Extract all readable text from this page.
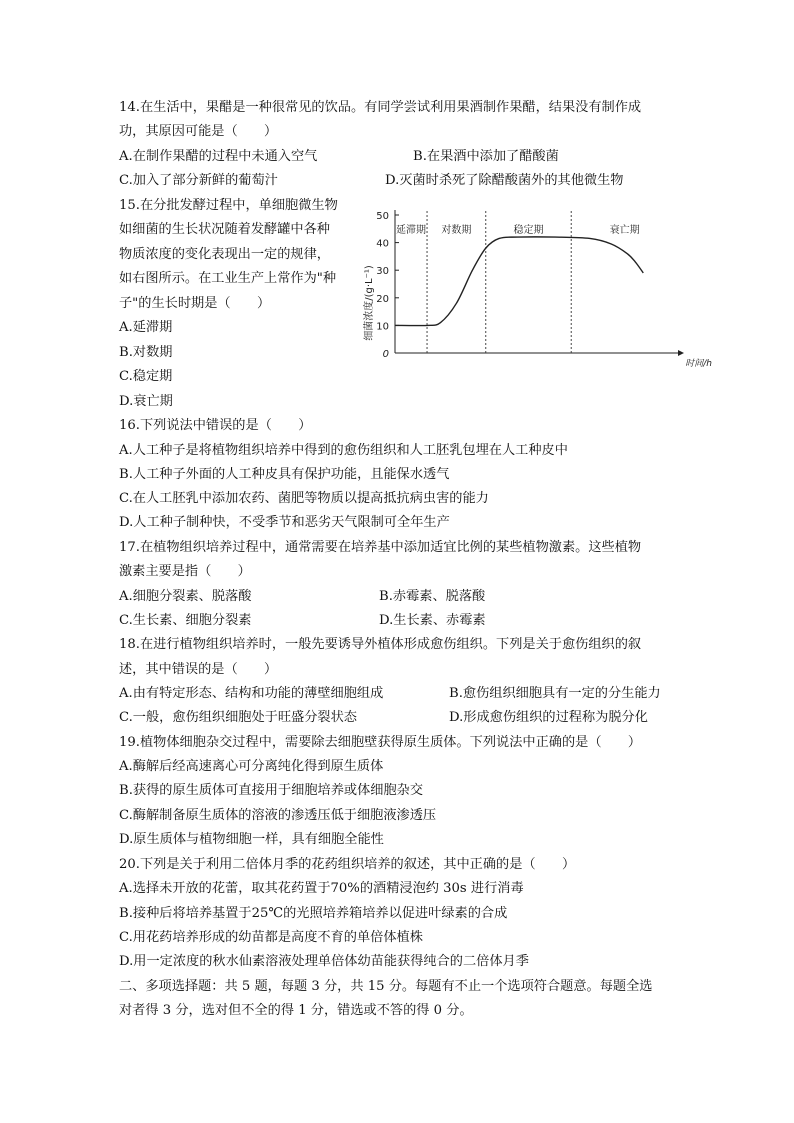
14.在生活中，果醋是一种很常见的饮品。有同学尝试利用果酒制作果醋，结果没有制作成
功，其原因可能是（　　）
A.在制作果醋的过程中未通入空气	B.在果酒中添加了醋酸菌
C.加入了部分新鲜的葡萄汁	D.灭菌时杀死了除醋酸菌外的其他微生物
15.在分批发酵过程中，单细胞微生物
如细菌的生长状况随着发酵罐中各种
物质浓度的变化表现出一定的规律，
如右图所示。在工业生产上常作为"种
子"的生长时期是（　　）
A.延滞期
B.对数期
C.稳定期
D.衰亡期
细菌浓度/(g·L⁻¹)
0
10
20
30
40
50
延滞期 对数期	稳定期	衰亡期
时间/h
16.下列说法中错误的是（　　）
A.人工种子是将植物组织培养中得到的愈伤组织和人工胚乳包埋在人工种皮中
B.人工种子外面的人工种皮具有保护功能，且能保水透气
C.在人工胚乳中添加农药、菌肥等物质以提高抵抗病虫害的能力
D.人工种子制种快，不受季节和恶劣天气限制可全年生产
17.在植物组织培养过程中，通常需要在培养基中添加适宜比例的某些植物激素。这些植物
激素主要是指（　　）
A.细胞分裂素、脱落酸	B.赤霉素、脱落酸
C.生长素、细胞分裂素	D.生长素、赤霉素
18.在进行植物组织培养时，一般先要诱导外植体形成愈伤组织。下列是关于愈伤组织的叙
述，其中错误的是（　　）
A.由有特定形态、结构和功能的薄壁细胞组成	B.愈伤组织细胞具有一定的分生能力
C.一般，愈伤组织细胞处于旺盛分裂状态	D.形成愈伤组织的过程称为脱分化
19.植物体细胞杂交过程中，需要除去细胞壁获得原生质体。下列说法中正确的是（　　）
A.酶解后经高速离心可分离纯化得到原生质体
B.获得的原生质体可直接用于细胞培养或体细胞杂交
C.酶解制备原生质体的溶液的渗透压低于细胞液渗透压
D.原生质体与植物细胞一样，具有细胞全能性
20.下列是关于利用二倍体月季的花药组织培养的叙述，其中正确的是（　　）
A.选择未开放的花蕾，取其花药置于70%的酒精浸泡约 30s 进行消毒
B.接种后将培养基置于25℃的光照培养箱培养以促进叶绿素的合成
C.用花药培养形成的幼苗都是高度不育的单倍体植株
D.用一定浓度的秋水仙素溶液处理单倍体幼苗能获得纯合的二倍体月季
二、多项选择题：共 5 题，每题 3 分，共 15 分。每题有不止一个选项符合题意。每题全选
对者得 3 分，选对但不全的得 1 分，错选或不答的得 0 分。
